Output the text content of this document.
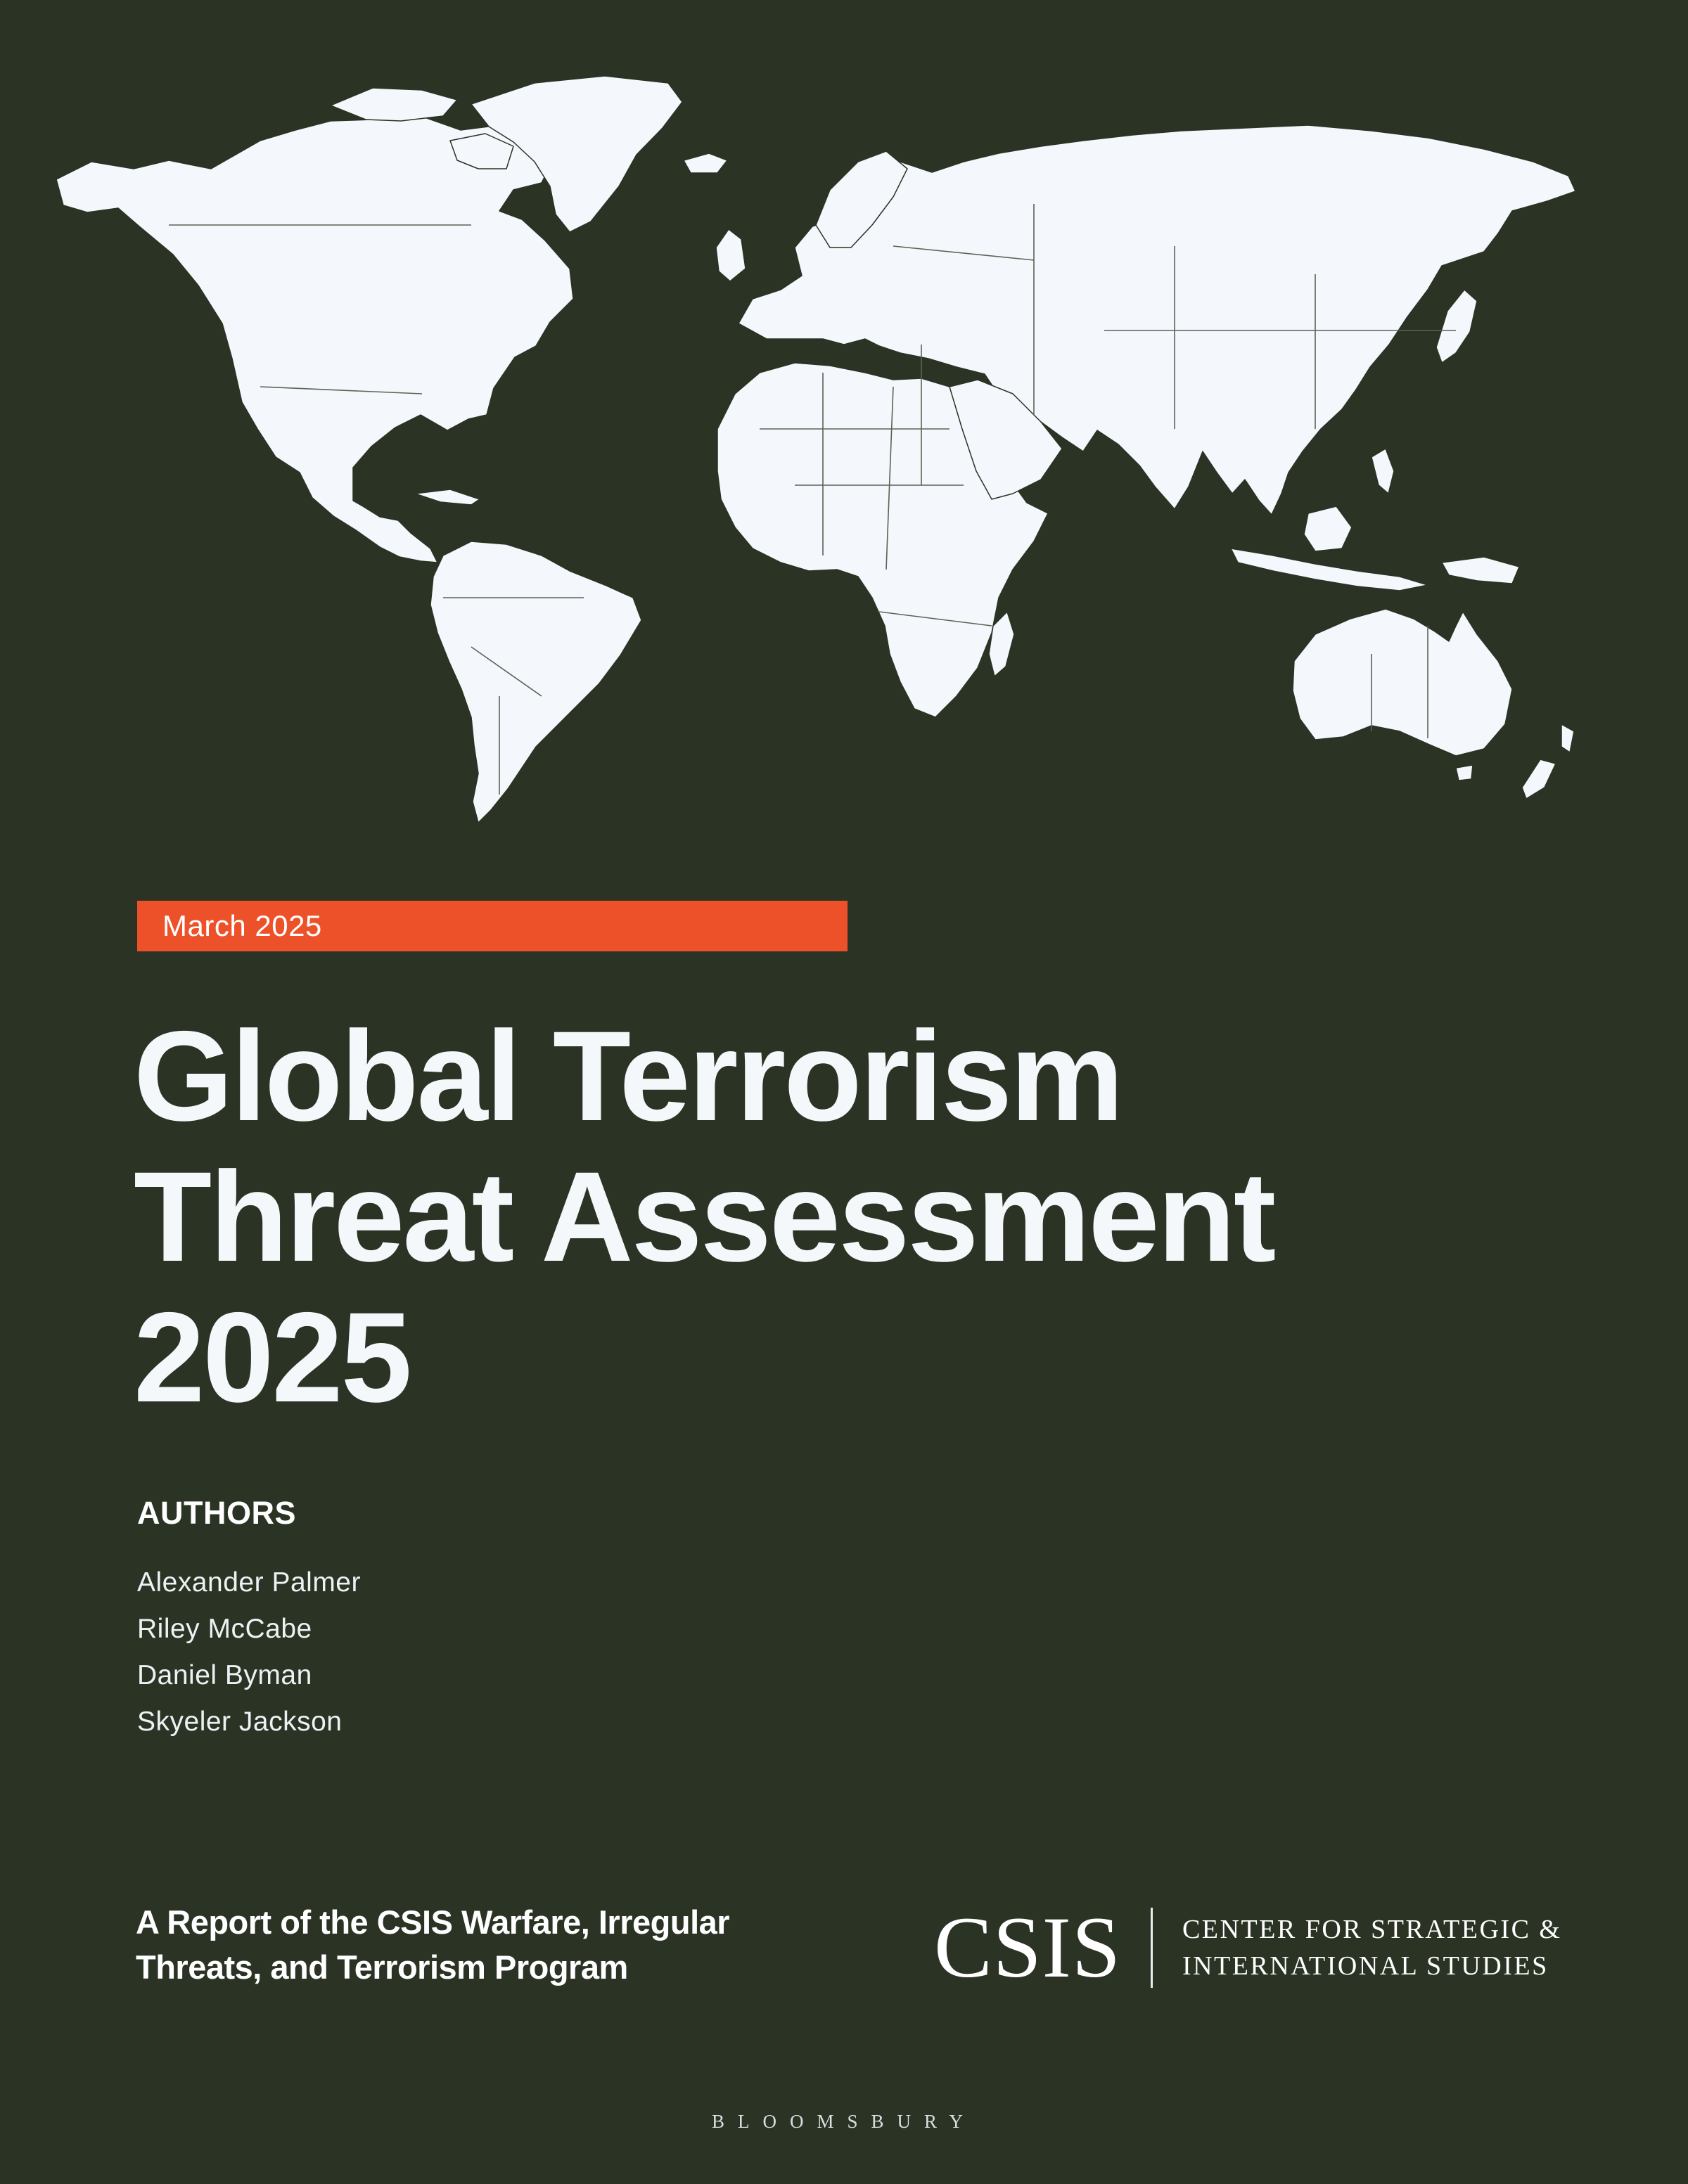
March 2025
Global Terrorism
Threat Assessment
2025
AUTHORS
Alexander Palmer
Riley McCabe
Daniel Byman
Skyeler Jackson

A Report of the CSIS Warfare, Irregular
Threats, and Terrorism Program	CSIS CENTER FOR STRATEGIC &
INTERNATIONAL STUDIES
BLOOMSBURY
